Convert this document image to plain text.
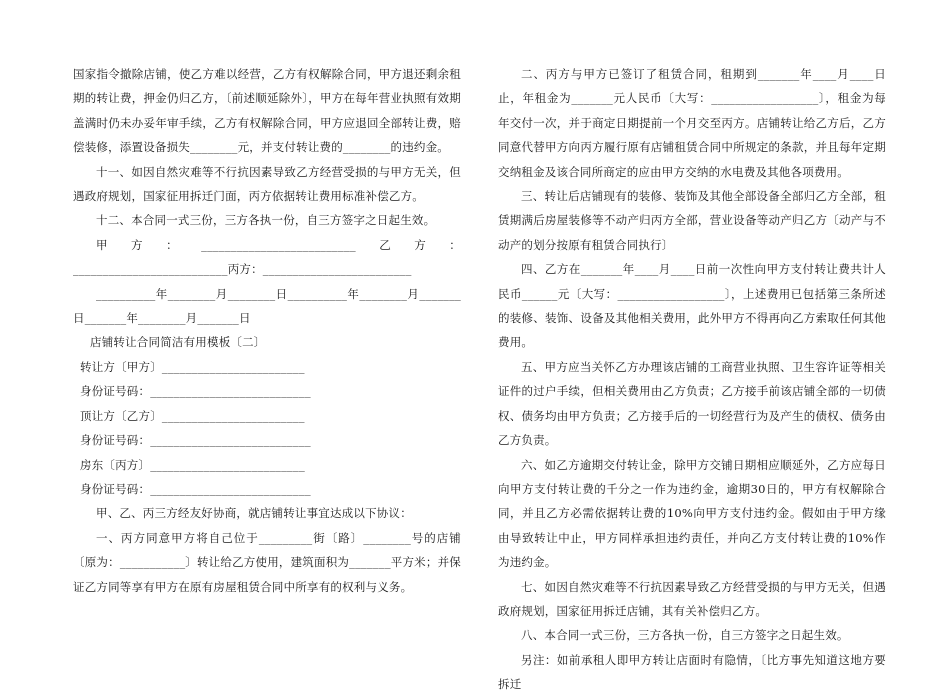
国家指令撤除店铺，使乙方难以经营，乙方有权解除合同，甲方退还剩余租期的转让费，押金仍归乙方，〔前述顺延除外〕，甲方在每年营业执照有效期盖满时仍未办妥年审手续，乙方有权解除合同，甲方应退回全部转让费，赔偿装修，添置设备损失________元，并支付转让费的________的违约金。

十一、如因自然灾难等不行抗因素导致乙方经营受损的与甲方无关，但遇政府规划，国家征用拆迁门面，丙方依据转让费用标准补偿乙方。

十二、本合同一式三份，三方各执一份，自三方签字之日起生效。

甲方：__________________________乙方：__________________________丙方：_________________________

__________年________月________日__________年________月_______日_______年________月_______日

店铺转让合同简洁有用模板〔二〕

转让方〔甲方〕________________________

身份证号码：___________________________

顶让方〔乙方〕________________________

身份证号码：___________________________

房东〔丙方〕__________________________

身份证号码：___________________________

甲、乙、丙三方经友好协商，就店铺转让事宜达成以下协议：

一、丙方同意甲方将自己位于_________街〔路〕________号的店铺〔原为：___________〕转让给乙方使用，建筑面积为_______平方米；并保证乙方同等享有甲方在原有房屋租赁合同中所享有的权利与义务。

二、丙方与甲方已签订了租赁合同，租期到_______年____月____日止，年租金为_______元人民币〔大写：__________________〕，租金为每年交付一次，并于商定日期提前一个月交至丙方。店铺转让给乙方后，乙方同意代替甲方向丙方履行原有店铺租赁合同中所规定的条款，并且每年定期交纳租金及该合同所商定的应由甲方交纳的水电费及其他各项费用。

三、转让后店铺现有的装修、装饰及其他全部设备全部归乙方全部，租赁期满后房屋装修等不动产归丙方全部，营业设备等动产归乙方〔动产与不动产的划分按原有租赁合同执行〕

四、乙方在_______年____月____日前一次性向甲方支付转让费共计人民币______元〔大写：__________________〕，上述费用已包括第三条所述的装修、装饰、设备及其他相关费用，此外甲方不得再向乙方索取任何其他费用。

五、甲方应当关怀乙方办理该店铺的工商营业执照、卫生容许证等相关证件的过户手续，但相关费用由乙方负责；乙方接手前该店铺全部的一切债权、债务均由甲方负责；乙方接手后的一切经营行为及产生的债权、债务由乙方负责。

六、如乙方逾期交付转让金，除甲方交铺日期相应顺延外，乙方应每日向甲方支付转让费的千分之一作为违约金，逾期30日的，甲方有权解除合同，并且乙方必需依据转让费的10%向甲方支付违约金。假如由于甲方缘由导致转让中止，甲方同样承担违约责任，并向乙方支付转让费的10%作为违约金。

七、如因自然灾难等不行抗因素导致乙方经营受损的与甲方无关，但遇政府规划，国家征用拆迁店铺，其有关补偿归乙方。

八、本合同一式三份，三方各执一份，自三方签字之日起生效。

另注：如前承租人即甲方转让店面时有隐情，〔比方事先知道这地方要拆迁
